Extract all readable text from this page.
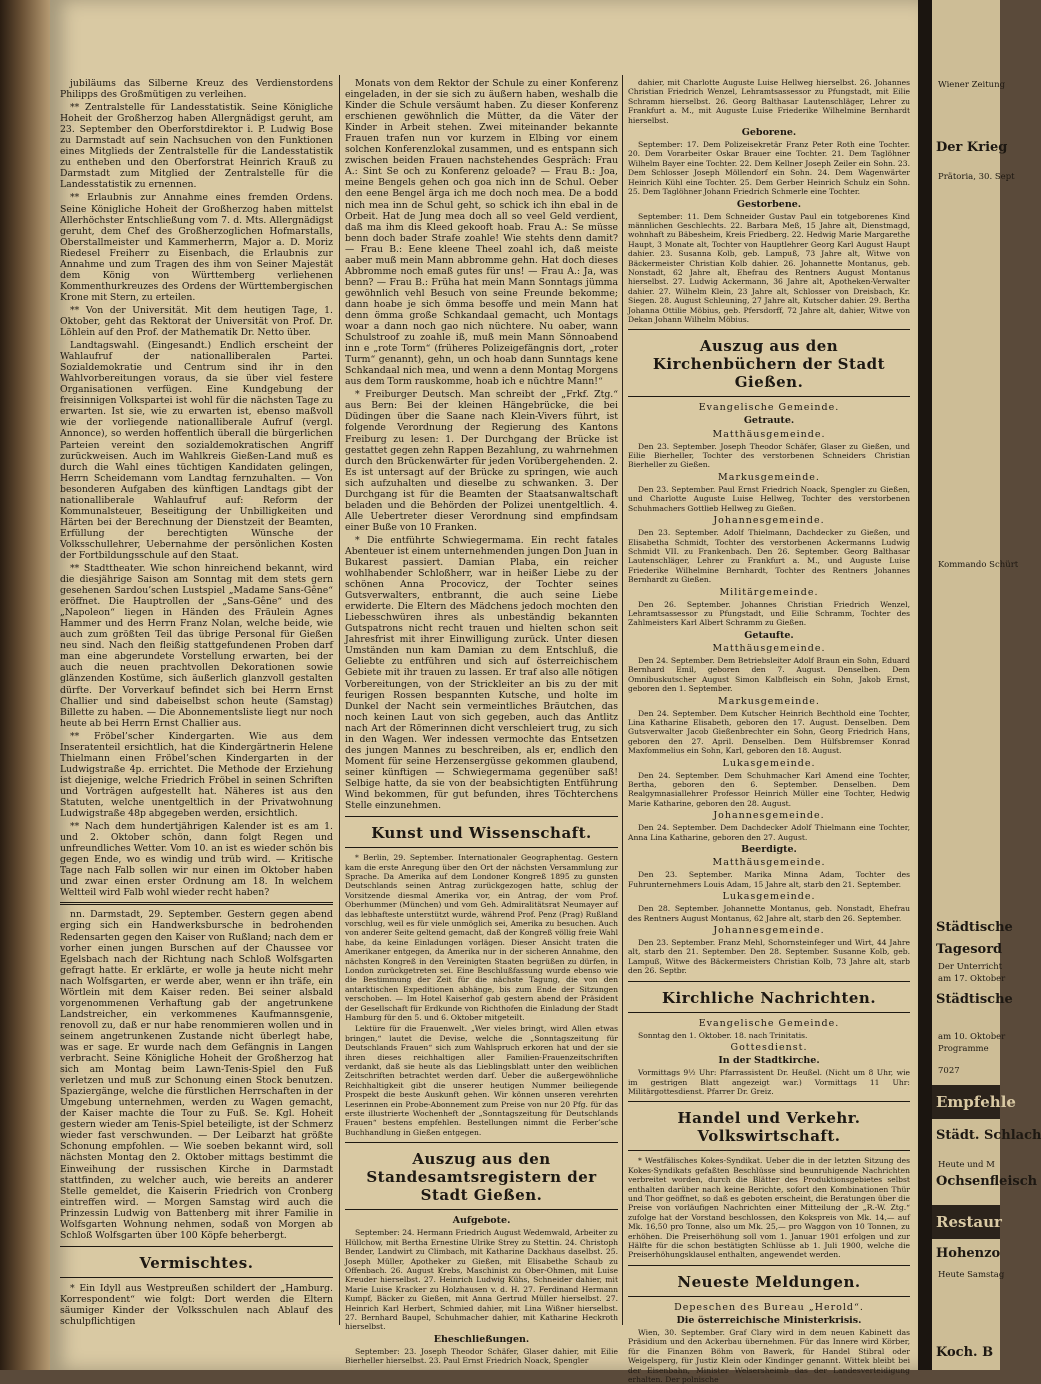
jubiläums das Silberne Kreuz des Verdienstordens Philipps des Großmütigen zu verleihen.

** Zentralstelle für Landesstatistik. Seine Königliche Hoheit der Großherzog haben Allergnädigst geruht, am 23. September den Oberforstdirektor i. P. Ludwig Bose zu Darmstadt auf sein Nachsuchen von den Funktionen eines Mitglieds der Zentralstelle für die Landesstatistik zu entheben und den Oberforstrat Heinrich Krauß zu Darmstadt zum Mitglied der Zentralstelle für die Landesstatistik zu ernennen.

** Erlaubnis zur Annahme eines fremden Ordens. Seine Königliche Hoheit der Großherzog haben mittelst Allerhöchster Entschließung vom 7. d. Mts. Allergnädigst geruht, dem Chef des Großherzoglichen Hofmarstalls, Oberstallmeister und Kammerherrn, Major a. D. Moriz Riedesel Freiherr zu Eisenbach, die Erlaubnis zur Annahme und zum Tragen des ihm von Seiner Majestät dem König von Württemberg verliehenen Kommenthurkreuzes des Ordens der Württembergischen Krone mit Stern, zu erteilen.

** Von der Universität. Mit dem heutigen Tage, 1. Oktober, geht das Rektorat der Universität von Prof. Dr. Löhlein auf den Prof. der Mathematik Dr. Netto über.

Landtagswahl. (Eingesandt.) Endlich erscheint der Wahlaufruf der nationalliberalen Partei. Sozialdemokratie und Centrum sind ihr in den Wahlvorbereitungen voraus, da sie über viel festere Organisationen verfügen. Eine Kundgebung der freisinnigen Volkspartei ist wohl für die nächsten Tage zu erwarten. Ist sie, wie zu erwarten ist, ebenso maßvoll wie der vorliegende nationalliberale Aufruf (vergl. Annonce), so werden hoffentlich überall die bürgerlichen Parteien vereint den sozialdemokratischen Angriff zurückweisen. Auch im Wahlkreis Gießen-Land muß es durch die Wahl eines tüchtigen Kandidaten gelingen, Herrn Scheidemann vom Landtag fernzuhalten. — Von besonderen Aufgaben des künftigen Landtags gibt der nationalliberale Wahlaufruf auf: Reform der Kommunalsteuer, Beseitigung der Unbilligkeiten und Härten bei der Berechnung der Dienstzeit der Beamten, Erfüllung der berechtigten Wünsche der Volksschullehrer, Uebernahme der persönlichen Kosten der Fortbildungsschule auf den Staat.

** Stadttheater. Wie schon hinreichend bekannt, wird die diesjährige Saison am Sonntag mit dem stets gern gesehenen Sardou’schen Lustspiel „Madame Sans-Gêne“ eröffnet. Die Hauptrollen der „Sans-Gêne“ und des „Napoleon“ liegen in Händen des Fräulein Agnes Hammer und des Herrn Franz Nolan, welche beide, wie auch zum größten Teil das übrige Personal für Gießen neu sind. Nach den fleißig stattgefundenen Proben darf man eine abgerundete Vorstellung erwarten, bei der auch die neuen prachtvollen Dekorationen sowie glänzenden Kostüme, sich äußerlich glanzvoll gestalten dürfte. Der Vorverkauf befindet sich bei Herrn Ernst Challier und sind dabeiselbst schon heute (Samstag) Billette zu haben. — Die Abonnementsliste liegt nur noch heute ab bei Herrn Ernst Challier aus.

** Fröbel’scher Kindergarten. Wie aus dem Inseratenteil ersichtlich, hat die Kindergärtnerin Helene Thielmann einen Fröbel’schen Kindergarten in der Ludwigstraße 4p. errichtet. Die Methode der Erziehung ist diejenige, welche Friedrich Fröbel in seinen Schriften und Vorträgen aufgestellt hat. Näheres ist aus den Statuten, welche unentgeltlich in der Privatwohnung Ludwigstraße 48p abgegeben werden, ersichtlich.

** Nach dem hundertjährigen Kalender ist es am 1. und 2. Oktober schön, dann folgt Regen und unfreundliches Wetter. Vom 10. an ist es wieder schön bis gegen Ende, wo es windig und trüb wird. — Kritische Tage nach Falb sollen wir nur einen im Oktober haben und zwar einen erster Ordnung am 18. In welchem Weltteil wird Falb wohl wieder recht haben?

nn. Darmstadt, 29. September. Gestern gegen abend erging sich ein Handwerksbursche in bedrohenden Redensarten gegen den Kaiser von Rußland; nach dem er vorher einen jungen Burschen auf der Chaussee vor Egelsbach nach der Richtung nach Schloß Wolfsgarten gefragt hatte. Er erklärte, er wolle ja heute nicht mehr nach Wolfsgarten, er werde aber, wenn er ihn träfe, ein Wörtlein mit dem Kaiser reden. Bei seiner alsbald vorgenommenen Verhaftung gab der angetrunkene Landstreicher, ein verkommenes Kaufmannsgenie, renovoll zu, daß er nur habe renommieren wollen und in seinem angetrunkenen Zustande nicht überlegt habe, was er sage. Er wurde nach dem Gefängnis in Langen verbracht. Seine Königliche Hoheit der Großherzog hat sich am Montag beim Lawn-Tenis-Spiel den Fuß verletzen und muß zur Schonung einen Stock benutzen. Spaziergänge, welche die fürstlichen Herrschaften in der Umgebung unternehmen, werden zu Wagen gemacht, der Kaiser machte die Tour zu Fuß. Se. Kgl. Hoheit gestern wieder am Tenis-Spiel beteiligte, ist der Schmerz wieder fast verschwunden. — Der Leibarzt hat größte Schonung empfohlen. — Wie soeben bekannt wird, soll nächsten Montag den 2. Oktober mittags bestimmt die Einweihung der russischen Kirche in Darmstadt stattfinden, zu welcher auch, wie bereits an anderer Stelle gemeldet, die Kaiserin Friedrich von Cronberg eintreffen wird. — Morgen Samstag wird auch die Prinzessin Ludwig von Battenberg mit ihrer Familie in Wolfsgarten Wohnung nehmen, sodaß von Morgen ab Schloß Wolfsgarten über 100 Köpfe beherbergt.

Vermischtes.

* Ein Idyll aus Westpreußen schildert der „Hamburg. Korrespondent“ wie folgt: Dort werden die Eltern säumiger Kinder der Volksschulen nach Ablauf des schulpflichtigen

Monats von dem Rektor der Schule zu einer Konferenz eingeladen, in der sie sich zu äußern haben, weshalb die Kinder die Schule versäumt haben. Zu dieser Konferenz erschienen gewöhnlich die Mütter, da die Väter der Kinder in Arbeit stehen. Zwei miteinander bekannte Frauen trafen nun vor kurzem in Elbing vor einem solchen Konferenzlokal zusammen, und es entspann sich zwischen beiden Frauen nachstehendes Gespräch: Frau A.: Sint Se och zu Konferenz geloade? — Frau B.: Joa, meine Bengels gehen och goa nich inn de Schul. Oeber den eene Bengel ärga ich me doch noch mea. De a bodd nich mea inn de Schul geht, so schick ich ihn ebal in de Orbeit. Hat de Jung mea doch all so veel Geld verdient, daß ma ihm dis Kleed gekooft hoab. Frau A.: Se müsse benn doch bader Strafe zoahle! Wie stehts denn damit? — Frau B.: Eene kleene Theel zoahl ich, daß meiste aaber muß mein Mann abbromme gehn. Hat doch dieses Abbromme noch emaß gutes für uns! — Frau A.: Ja, was benn? — Frau B.: Früha hat mein Mann Sonntags jümma gewöhnlich vehl Besuch von seine Freunde bekomme; dann hoabe je sich ömma besoffe und mein Mann hat denn ömma große Schkandaal gemacht, uch Montags woar a dann noch gao nich nüchtere. Nu oaber, wann Schulstroof zu zoahle iß, muß mein Mann Sönnoabend inn e „rote Torm“ (früheres Polizeigefängnis dort, „roter Turm“ genannt), gehn, un och hoab dann Sunntags kene Schkandaal nich mea, und wenn a denn Montag Morgens aus dem Torm rauskomme, hoab ich e nüchtre Mann!“

* Freiburger Deutsch. Man schreibt der „Frkf. Ztg.“ aus Bern: Bei der kleinen Hängebrücke, die bei Düdingen über die Saane nach Klein-Vivers führt, ist folgende Verordnung der Regierung des Kantons Freiburg zu lesen: 1. Der Durchgang der Brücke ist gestattet gegen zehn Rappen Bezahlung, zu wahrnehmen durch den Brückenwärter für jeden Vorübergehenden. 2. Es ist untersagt auf der Brücke zu springen, wie auch sich aufzuhalten und dieselbe zu schwanken. 3. Der Durchgang ist für die Beamten der Staatsanwaltschaft beladen und die Behörden der Polizei unentgeltlich. 4. Alle Uebertreter dieser Verordnung sind empfindsam einer Buße von 10 Franken.

* Die entführte Schwiegermama. Ein recht fatales Abenteuer ist einem unternehmenden jungen Don Juan in Bukarest passiert. Damian Plaba, ein reicher wohlhabender Schloßherr, war in heißer Liebe zu der schönen Anna Procovicz, der Tochter seines Gutsverwalters, entbrannt, die auch seine Liebe erwiderte. Die Eltern des Mädchens jedoch mochten den Liebesschwüren ihres als unbeständig bekannten Gutspatrons nicht recht trauen und hielten schon seit Jahresfrist mit ihrer Einwilligung zurück. Unter diesen Umständen nun kam Damian zu dem Entschluß, die Geliebte zu entführen und sich auf österreichischem Gebiete mit ihr trauen zu lassen. Er traf also alle nötigen Vorbereitungen, von der Strickleiter an bis zu der mit feurigen Rossen bespannten Kutsche, und holte im Dunkel der Nacht sein vermeintliches Bräutchen, das noch keinen Laut von sich gegeben, auch das Antlitz nach Art der Römerinnen dicht verschleiert trug, zu sich in den Wagen. Wer indessen vermochte das Entsetzen des jungen Mannes zu beschreiben, als er, endlich den Moment für seine Herzensergüsse gekommen glaubend, seiner künftigen — Schwiegermama gegenüber saß! Selbige hatte, da sie von der beabsichtigten Entführung Wind bekommen, für gut befunden, ihres Töchterchens Stelle einzunehmen.

Kunst und Wissenschaft.

* Berlin, 29. September. Internationaler Geographentag. Gestern kam die erste Anregung über den Ort der nächsten Versammlung zur Sprache. Da Amerika auf dem Londoner Kongreß 1895 zu gunsten Deutschlands seinen Antrag zurückgezogen hatte, schlug der Vorsitzende diesmal Amerika vor, ein Antrag, der vom Prof. Oberhummer (München) und vom Geh. Admiralitätsrat Neumayer auf das lebhafteste unterstützt wurde, während Prof. Penz (Prag) Rußland vorschlug, weil es für viele unmöglich sei, Amerika zu besuchen. Auch von anderer Seite geltend gemacht, daß der Kongreß völlig freie Wahl habe, da keine Einladungen vorlägen. Dieser Ansicht traten die Amerikaner entgegen, da Amerika nur in der sicheren Annahme, den nächsten Kongreß in den Vereinigten Staaten begrüßen zu dürfen, in London zurückgetreten sei. Eine Beschlußfassung wurde ebenso wie die Bestimmung der Zeit für die nächste Tagung, die von den antarktischen Expeditionen abhänge, bis zum Ende der Sitzungen verschoben. — Im Hotel Kaiserhof gab gestern abend der Präsident der Gesellschaft für Erdkunde von Richthofen die Einladung der Stadt Hamburg für den 5. und 6. Oktober mitgeteilt.

Lektüre für die Frauenwelt. „Wer vieles bringt, wird Allen etwas bringen,“ lautet die Devise, welche die „Sonntagszeitung für Deutschlands Frauen“ sich zum Wahlspruch erkoren hat und der sie ihren dieses reichhaltigen aller Familien-Frauenzeitschriften verdankt, daß sie heute als das Lieblingsblatt unter den weiblichen Zeitschriften betrachtet werden darf. Ueber die außergewöhnliche Reichhaltigkeit gibt die unserer heutigen Nummer beiliegende Prospekt die beste Auskunft gehen. Wir können unseren verehrten Leserinnen ein Probe-Abonnement zum Preise von nur 20 Pfg. für das erste illustrierte Wochenheft der „Sonntagszeitung für Deutschlands Frauen“ bestens empfehlen. Bestellungen nimmt die Ferber’sche Buchhandlung in Gießen entgegen.

Auszug aus den Standesamtsregistern der Stadt Gießen.
Aufgebote.

September: 24. Hermann Friedrich August Wedemwald, Arbeiter zu Hüllchow, mit Bertha Ernestine Ulrike Strey zu Stettin. 24. Christoph Bender, Landwirt zu Climbach, mit Katharine Dackhaus daselbst. 25. Joseph Müller, Apotheker zu Gießen, mit Elisabethe Schaub zu Offenbach. 26. August Krebs, Maschinist zu Ober-Ohmen, mit Luise Kreuder hierselbst. 27. Heinrich Ludwig Kühs, Schneider dahier, mit Marie Luise Kracker zu Holzhausen v. d. H. 27. Ferdinand Hermann Kumpf, Bäcker zu Gießen, mit Anna Gertrud Müller hierselbst. 27. Heinrich Karl Herbert, Schmied dahier, mit Lina Wißner hierselbst. 27. Bernhard Baupel, Schuhmacher dahier, mit Katharine Heckroth hierselbst.

Eheschließungen.

September: 23. Joseph Theodor Schäfer, Glaser dahier, mit Eilie Bierheller hierselbst. 23. Paul Ernst Friedrich Noack, Spengler

dahier, mit Charlotte Auguste Luise Hellweg hierselbst. 26. Johannes Christian Friedrich Wenzel, Lehramtsassessor zu Pfungstadt, mit Eilie Schramm hierselbst. 26. Georg Balthasar Lautenschläger, Lehrer zu Frankfurt a. M., mit Auguste Luise Friederike Wilhelmine Bernhardt hierselbst.

Geborene.

September: 17. Dem Polizeisekretär Franz Peter Roth eine Tochter. 20. Dem Vorarbeiter Oskar Brauer eine Tochter. 21. Dem Taglöhner Wilhelm Bayer eine Tochter. 22. Dem Kellner Joseph Zeiler ein Sohn. 23. Dem Schlosser Joseph Möllendorf ein Sohn. 24. Dem Wagenwärter Heinrich Kühl eine Tochter. 25. Dem Gerber Heinrich Schulz ein Sohn. 25. Dem Taglöhner Johann Friedrich Schmerle eine Tochter.

Gestorbene.

September: 11. Dem Schneider Gustav Paul ein totgeborenes Kind männlichen Geschlechts. 22. Barbara Meß, 15 Jahre alt, Dienstmagd, wohnhaft zu Bäbesheim, Kreis Friedberg. 22. Hedwig Marie Margarethe Haupt, 3 Monate alt, Tochter von Hauptlehrer Georg Karl August Haupt dahier. 23. Susanna Kolb, geb. Lampuß, 73 Jahre alt, Witwe von Bäckermeister Christian Kolb dahier. 26. Johannette Montanus, geb. Nonstadt, 62 Jahre alt, Ehefrau des Rentners August Montanus hierselbst. 27. Ludwig Ackermann, 36 Jahre alt, Apotheken-Verwalter dahier. 27. Wilhelm Klein, 23 Jahre alt, Schlosser von Dreisbach, Kr. Siegen. 28. August Schleuning, 27 Jahre alt, Kutscher dahier. 29. Bertha Johanna Ottilie Möbius, geb. Pfersdorff, 72 Jahre alt, dahier, Witwe von Dekan Johann Wilhelm Möbius.

Auszug aus den Kirchenbüchern der Stadt Gießen.
Evangelische Gemeinde.
Getraute.
Matthäusgemeinde.

Den 23. September. Joseph Theodor Schäfer, Glaser zu Gießen, und Eilie Bierheller, Tochter des verstorbenen Schneiders Christian Bierheller zu Gießen.

Markusgemeinde.

Den 23. September. Paul Ernst Friedrich Noack, Spengler zu Gießen, und Charlotte Auguste Luise Hellweg, Tochter des verstorbenen Schuhmachers Gottlieb Hellweg zu Gießen.

Johannesgemeinde.

Den 23. September. Adolf Thielmann, Dachdecker zu Gießen, und Elisabetha Schmidt, Tochter des verstorbenen Ackermanns Ludwig Schmidt VII. zu Frankenbach. Den 26. September. Georg Balthasar Lautenschläger, Lehrer zu Frankfurt a. M., und Auguste Luise Friederike Wilhelmine Bernhardt, Tochter des Rentners Johannes Bernhardt zu Gießen.

Militärgemeinde.

Den 26. September. Johannes Christian Friedrich Wenzel, Lehramtsassessor zu Pfungstadt, und Eilie Schramm, Tochter des Zahlmeisters Karl Albert Schramm zu Gießen.

Getaufte.
Matthäusgemeinde.

Den 24. September. Dem Betriebsleiter Adolf Braun ein Sohn, Eduard Bernhard Emil, geboren den 7. August. Denselben. Dem Omnibuskutscher August Simon Kalbfleisch ein Sohn, Jakob Ernst, geboren den 1. September.

Markusgemeinde.

Den 24. September. Dem Kutscher Heinrich Bechthold eine Tochter, Lina Katharine Elisabeth, geboren den 17. August. Denselben. Dem Gutsverwalter Jacob Gießenbrechter ein Sohn, Georg Friedrich Hans, geboren den 27. April. Denselben. Dem Hülfsbremser Konrad Maxfommelius ein Sohn, Karl, geboren den 18. August.

Lukasgemeinde.

Den 24. September. Dem Schuhmacher Karl Amend eine Tochter, Bertha, geboren den 6. September. Denselben. Dem Realgymnasiallehrer Professor Heinrich Müller eine Tochter, Hedwig Marie Katharine, geboren den 28. August.

Johannesgemeinde.

Den 24. September. Dem Dachdecker Adolf Thielmann eine Tochter, Anna Lina Katharine, geboren den 27. August.

Beerdigte.
Matthäusgemeinde.

Den 23. September. Marika Minna Adam, Tochter des Fuhrunternehmers Louis Adam, 15 Jahre alt, starb den 21. September.

Lukasgemeinde.

Den 28. September. Johannette Montanus, geb. Nonstadt, Ehefrau des Rentners August Montanus, 62 Jahre alt, starb den 26. September.

Johannesgemeinde.

Den 23. September. Franz Mehl, Schornsteinfeger und Wirt, 44 Jahre alt, starb den 21. September. Den 28. September. Susanne Kolb, geb. Lampuß, Witwe des Bäckermeisters Christian Kolb, 73 Jahre alt, starb den 26. Septbr.

Kirchliche Nachrichten.
Evangelische Gemeinde.

Sonntag den 1. Oktober. 18. nach Trinitatis.

Gottesdienst.
In der Stadtkirche.

Vormittags 9½ Uhr: Pfarrassistent Dr. Heußel. (Nicht um 8 Uhr, wie im gestrigen Blatt angezeigt war.) Vormittags 11 Uhr: Militärgottesdienst. Pfarrer Dr. Greiz.

Handel und Verkehr. Volkswirtschaft.

* Westfälisches Kokes-Syndikat. Ueber die in der letzten Sitzung des Kokes-Syndikats gefaßten Beschlüsse sind beunruhigende Nachrichten verbreitet worden, durch die Blätter des Produktionsgebietes selbst enthalten darüber nach keine Berichte, sofort den Kombinationen Thür und Thor geöffnet, so daß es geboten erscheint, die Beratungen über die Preise von vorläufigen Nachrichten einer Mitteilung der „R.-W. Ztg.“ zufolge hat der Vorstand beschlossen, den Kokspreis von Mk. 14,— auf Mk. 16,50 pro Tonne, also um Mk. 25,— pro Waggon von 10 Tonnen, zu erhöhen. Die Preiserhöhung soll vom 1. Januar 1901 erfolgen und zur Hälfte für die schon bestätigten Schlüsse ab 1. Juli 1900, welche die Preiserhöhungsklausel enthalten, angewendet werden.

Neueste Meldungen.
Depeschen des Bureau „Herold“.
Die österreichische Ministerkrisis.

Wien, 30. September. Graf Clary wird in dem neuen Kabinett das Präsidium und den Ackerbau übernehmen. Für das Innere wird Körber, für die Finanzen Böhm von Bawerk, für Handel Stibral oder Weigelsperg, für Justiz Klein oder Kindinger genannt. Wittek bleibt bei der Eisenbahn, Minister Welsersheimb das der Landesverteidigung erhalten. Der polnische

Wiener Zeitung
Der Krieg
Prätoria, 30. Sept
Kommando Schürt
Städtische
Tagesord
Der Unterricht
am 17. Oktober
Städtische
am 10. Oktober
Programme
7027
Empfehle
Städt. Schlach
Heute und M
Ochsenfleisch
Restaur
Hohenzo
Heute Samstag
Koch. B
